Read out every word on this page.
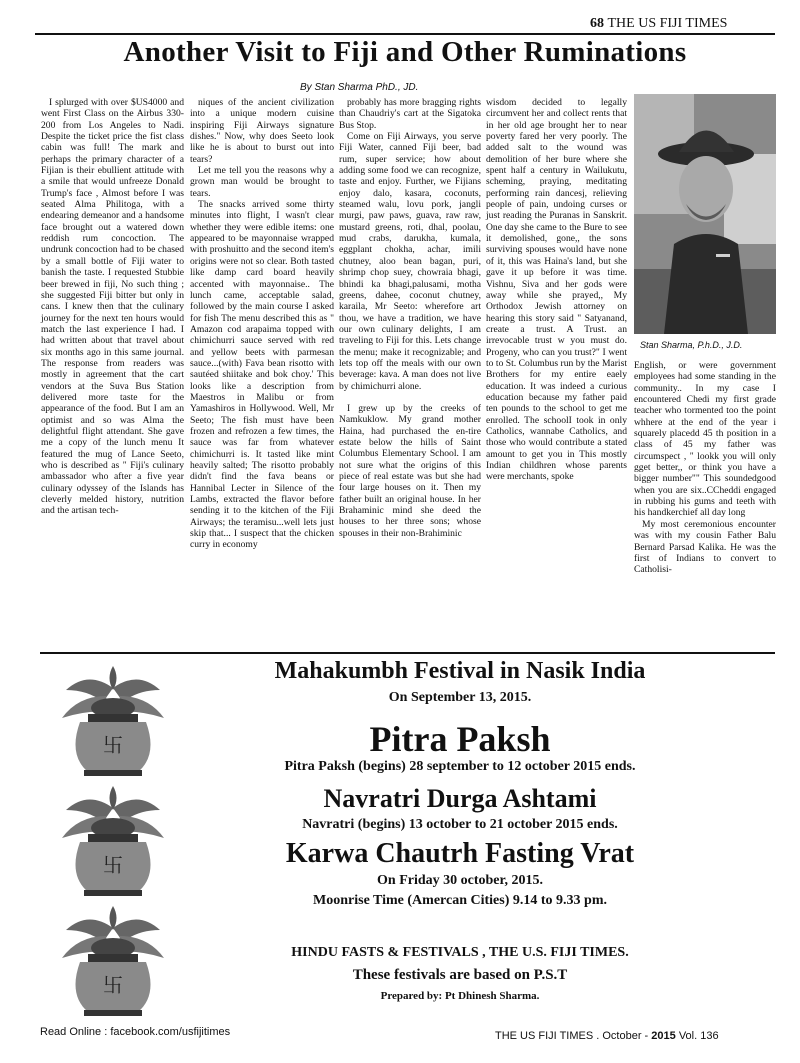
68 THE US FIJI TIMES
Another Visit to Fiji and Other Ruminations
By Stan Sharma PhD., JD.

I splurged with over $US4000 and went First Class on the Airbus 330-200 from Los Angeles to Nadi. Despite the ticket price the fist class cabin was full! The mark and perhaps the primary character of a Fijian is their ebullient attitude with a smile that would unfreeze Donald Trump's face , Almost before I was seated Alma Philitoga, with a endearing demeanor and a handsome face brought out a watered down reddish rum concoction. The undrunk concoction had to be chased by a small bottle of Fiji water to banish the taste. I requested Stubbie beer brewed in fiji, No such thing ; she suggested Fiji bitter but only in cans. I knew then that the culinary journey for the next ten hours would match the last experience I had. I had written about that travel about six months ago in this same journal. The response from readers was mostly in agreement that the cart vendors at the Suva Bus Station delivered more taste for the appearance of the food. But I am an optimist and so was Alma the delightful flight attendant. She gave me a copy of the lunch menu It featured the mug of Lance Seeto, who is described as " Fiji's culinary ambassador who after a five year culinary odyssey of the Islands has cleverly melded history, nutrition and the artisan tech-

niques of the ancient civilization into a unique modern cuisine inspiring Fiji Airways signature dishes." Now, why does Seeto look like he is about to burst out into tears?

Let me tell you the reasons why a grown man would be brought to tears.

The snacks arrived some thirty minutes into flight, I wasn't clear whether they were edible items: one appeared to be mayonnaise wrapped with proshuitto and the second item's origins were not so clear. Both tasted like damp card board heavily accented with mayonnaise.. The lunch came, acceptable salad, followed by the main course I asked for fish The menu described this as " Amazon cod arapaima topped with chimichurri sauce served with red and yellow beets with parmesan sauce...(with) Fava bean risotto with sautéed shiitake and bok choy.' This looks like a description from Maestros in Malibu or from Yamashiros in Hollywood. Well, Mr Seeto; The fish must have been frozen and refrozen a few times, the sauce was far from whatever chimichurri is. It tasted like mint heavily salted; The risotto probably didn't find the fava beans or Hannibal Lecter in Silence of the Lambs, extracted the flavor before sending it to the kitchen of the Fiji Airways; the teramisu...well lets just skip that... I suspect that the chicken curry in economy

probably has more bragging rights than Chaudriy's cart at the Sigatoka Bus Stop.

Come on Fiji Airways, you serve Fiji Water, canned Fiji beer, bad rum, super service; how about adding some food we can recognize, taste and enjoy. Further, we Fijians enjoy dalo, kasara, coconuts, steamed walu, lovu pork, jangli murgi, paw paws, guava, raw raw, mustard greens, roti, dhal, poolau, mud crabs, darukha, kumala, eggplant chokha, achar, imili chutney, aloo bean bagan, puri, shrimp chop suey, chowraia bhagi, bhindi ka bhagi,palusami, motha greens, dahee, coconut chutney, karaila, Mr Seeto: wherefore art thou, we have a tradition, we have our own culinary delights, I am traveling to Fiji for this. Lets change the menu; make it recognizable; and lets top off the meals with our own beverage: kava. A man does not live by chimichurri alone.

I grew up by the creeks of Namkuklow. My grand mother Haina, had purchased the en-tire estate below the hills of Saint Columbus Elementary School. I am not sure what the origins of this piece of real estate was but she had four large houses on it. Then my father built an original house. In her Brahaminic mind she deed the houses to her three sons; whose spouses in their non-Brahiminic

wisdom decided to legally circumvent her and collect rents that in her old age brought her to near poverty fared her very poorly. The added salt to the wound was demolition of her bure where she spent half a century in Wailukutu, scheming, praying, meditating performing rain dancesj, relieving people of pain, undoing curses or just reading the Puranas in Sanskrit. One day she came to the Bure to see it demolished, gone,, the sons surviving spouses would have none of it, this was Haina's land, but she gave it up before it was time. Vishnu, Siva and her gods were away while she prayed,, My Orthodox Jewish attorney on hearing this story said " Satyanand, create a trust. A Trust. an irrevocable trust w you must do. Progeny, who can you trust?" I went to to St. Columbus run by the Marist Brothers for my entire eaely education. It was indeed a curious education because my father paid ten pounds to the school to get me enrolled. The schoolI took in only Catholics, wannabe Catholics, and those who would contribute a stated amount to get you in This mostly Indian childhren whose parents were merchants, spoke

Stan Sharma, P.h.D., J.D.

English, or were government employees had some standing in the community.. In my case I encountered Chedi my first grade teacher who tormented too the point whhere at the end of the year i squarely placedd 45 th position in a class of 45 my father was circumspect , " lookk you will only gget better,, or think you have a bigger number"" This soundedgood when you are six..CCheddi engaged in rubbing his gums and teeth with his handkerchief all day long

My most ceremonious encounter was with my cousin Father Balu Bernard Parsad Kalika. He was the first of Indians to convert to Catholisi-

卐
卐
卐
Mahakumbh Festival in Nasik India
On September 13, 2015.
Pitra Paksh
Pitra Paksh (begins) 28 september to 12 october 2015 ends.
Navratri Durga Ashtami
Navratri (begins) 13 october to 21 october 2015 ends.
Karwa Chautrh Fasting Vrat
On Friday 30 october, 2015.
Moonrise Time (Amercan Cities) 9.14 to 9.33 pm.
HINDU FASTS & FESTIVALS , THE U.S. FIJI TIMES.
These festivals are based on P.S.T
Prepared by: Pt Dhinesh Sharma.
Read Online : facebook.com/usfijitimes	THE US FIJI TIMES . October - 2015 Vol. 136
